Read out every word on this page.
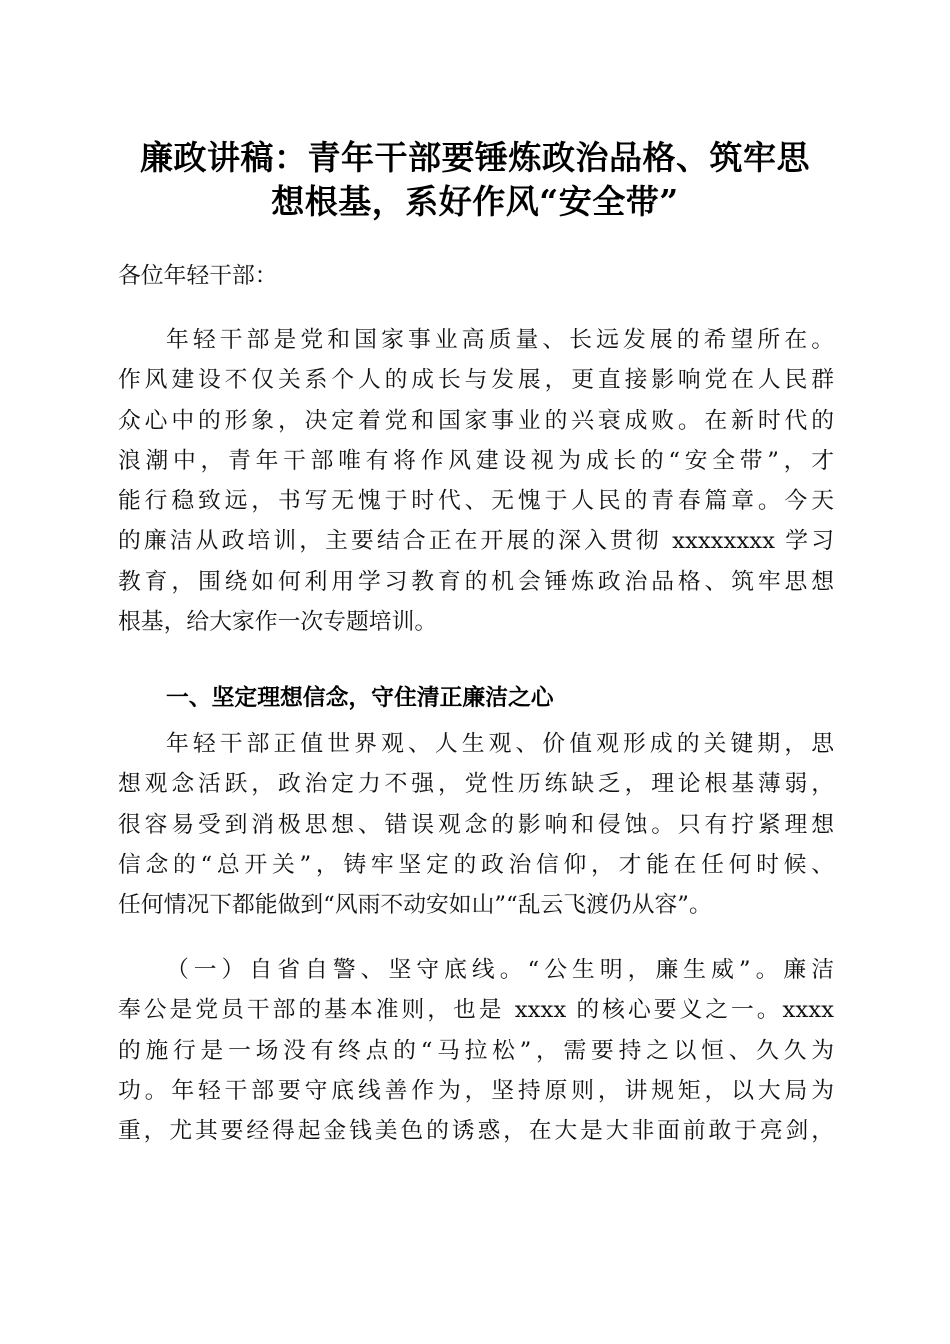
廉政讲稿：青年干部要锤炼政治品格、筑牢思
想根基，系好作风“安全带”
各位年轻干部：
年轻干部是党和国家事业高质量、长远发展的希望所在。
作风建设不仅关系个人的成长与发展，更直接影响党在人民群
众心中的形象，决定着党和国家事业的兴衰成败。在新时代的
浪潮中，青年干部唯有将作风建设视为成长的“安全带”，才
能行稳致远，书写无愧于时代、无愧于人民的青春篇章。今天
的廉洁从政培训，主要结合正在开展的深入贯彻 xxxxxxxx 学习
教育，围绕如何利用学习教育的机会锤炼政治品格、筑牢思想
根基，给大家作一次专题培训。
一、坚定理想信念，守住清正廉洁之心
年轻干部正值世界观、人生观、价值观形成的关键期，思
想观念活跃，政治定力不强，党性历练缺乏，理论根基薄弱，
很容易受到消极思想、错误观念的影响和侵蚀。只有拧紧理想
信念的“总开关”，铸牢坚定的政治信仰，才能在任何时候、
任何情况下都能做到“风雨不动安如山”“乱云飞渡仍从容”。
（一）自省自警、坚守底线。“公生明，廉生威”。廉洁
奉公是党员干部的基本准则，也是 xxxx 的核心要义之一。xxxx
的施行是一场没有终点的“马拉松”，需要持之以恒、久久为
功。年轻干部要守底线善作为，坚持原则，讲规矩，以大局为
重，尤其要经得起金钱美色的诱惑，在大是大非面前敢于亮剑，
